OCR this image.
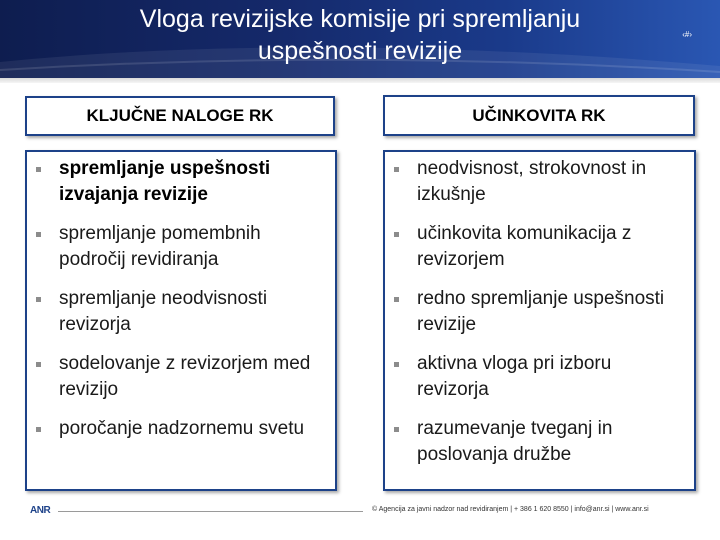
Vloga revizijske komisije pri spremljanju
uspešnosti revizije
‹#›
KLJUČNE NALOGE RK
spremljanje uspešnosti izvajanja revizije
spremljanje pomembnih področij revidiranja
spremljanje neodvisnosti revizorja
sodelovanje z revizorjem med revizijo
poročanje nadzornemu svetu
UČINKOVITA RK
neodvisnost, strokovnost in izkušnje
učinkovita komunikacija z revizorjem
redno spremljanje uspešnosti revizije
aktivna vloga pri izboru revizorja
razumevanje tveganj in poslovanja družbe
ANR	© Agencija za javni nadzor nad revidiranjem | + 386 1 620 8550 | info@anr.si | www.anr.si
